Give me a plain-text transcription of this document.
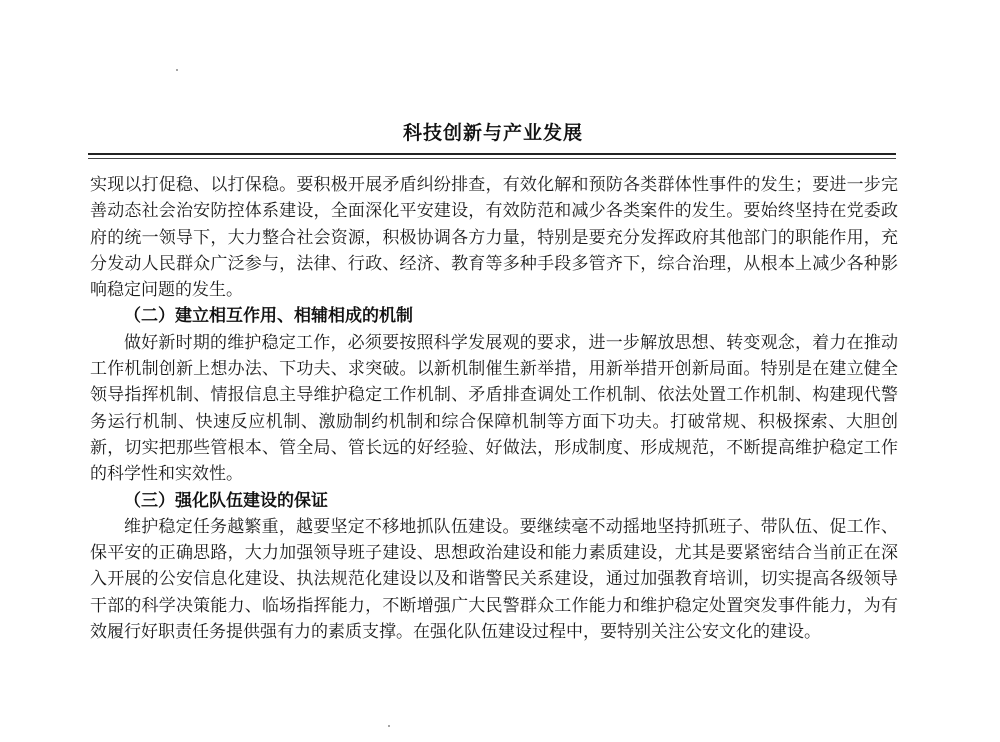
科技创新与产业发展

实现以打促稳、以打保稳。要积极开展矛盾纠纷排查，有效化解和预防各类群体性事件的发生；要进一步完善动态社会治安防控体系建设，全面深化平安建设，有效防范和减少各类案件的发生。要始终坚持在党委政府的统一领导下，大力整合社会资源，积极协调各方力量，特别是要充分发挥政府其他部门的职能作用，充分发动人民群众广泛参与，法律、行政、经济、教育等多种手段多管齐下，综合治理，从根本上减少各种影响稳定问题的发生。

（二）建立相互作用、相辅相成的机制

做好新时期的维护稳定工作，必须要按照科学发展观的要求，进一步解放思想、转变观念，着力在推动工作机制创新上想办法、下功夫、求突破。以新机制催生新举措，用新举措开创新局面。特别是在建立健全领导指挥机制、情报信息主导维护稳定工作机制、矛盾排查调处工作机制、依法处置工作机制、构建现代警务运行机制、快速反应机制、激励制约机制和综合保障机制等方面下功夫。打破常规、积极探索、大胆创新，切实把那些管根本、管全局、管长远的好经验、好做法，形成制度、形成规范，不断提高维护稳定工作的科学性和实效性。

（三）强化队伍建设的保证

维护稳定任务越繁重，越要坚定不移地抓队伍建设。要继续毫不动摇地坚持抓班子、带队伍、促工作、保平安的正确思路，大力加强领导班子建设、思想政治建设和能力素质建设，尤其是要紧密结合当前正在深入开展的公安信息化建设、执法规范化建设以及和谐警民关系建设，通过加强教育培训，切实提高各级领导干部的科学决策能力、临场指挥能力，不断增强广大民警群众工作能力和维护稳定处置突发事件能力，为有效履行好职责任务提供强有力的素质支撑。在强化队伍建设过程中，要特别关注公安文化的建设。
